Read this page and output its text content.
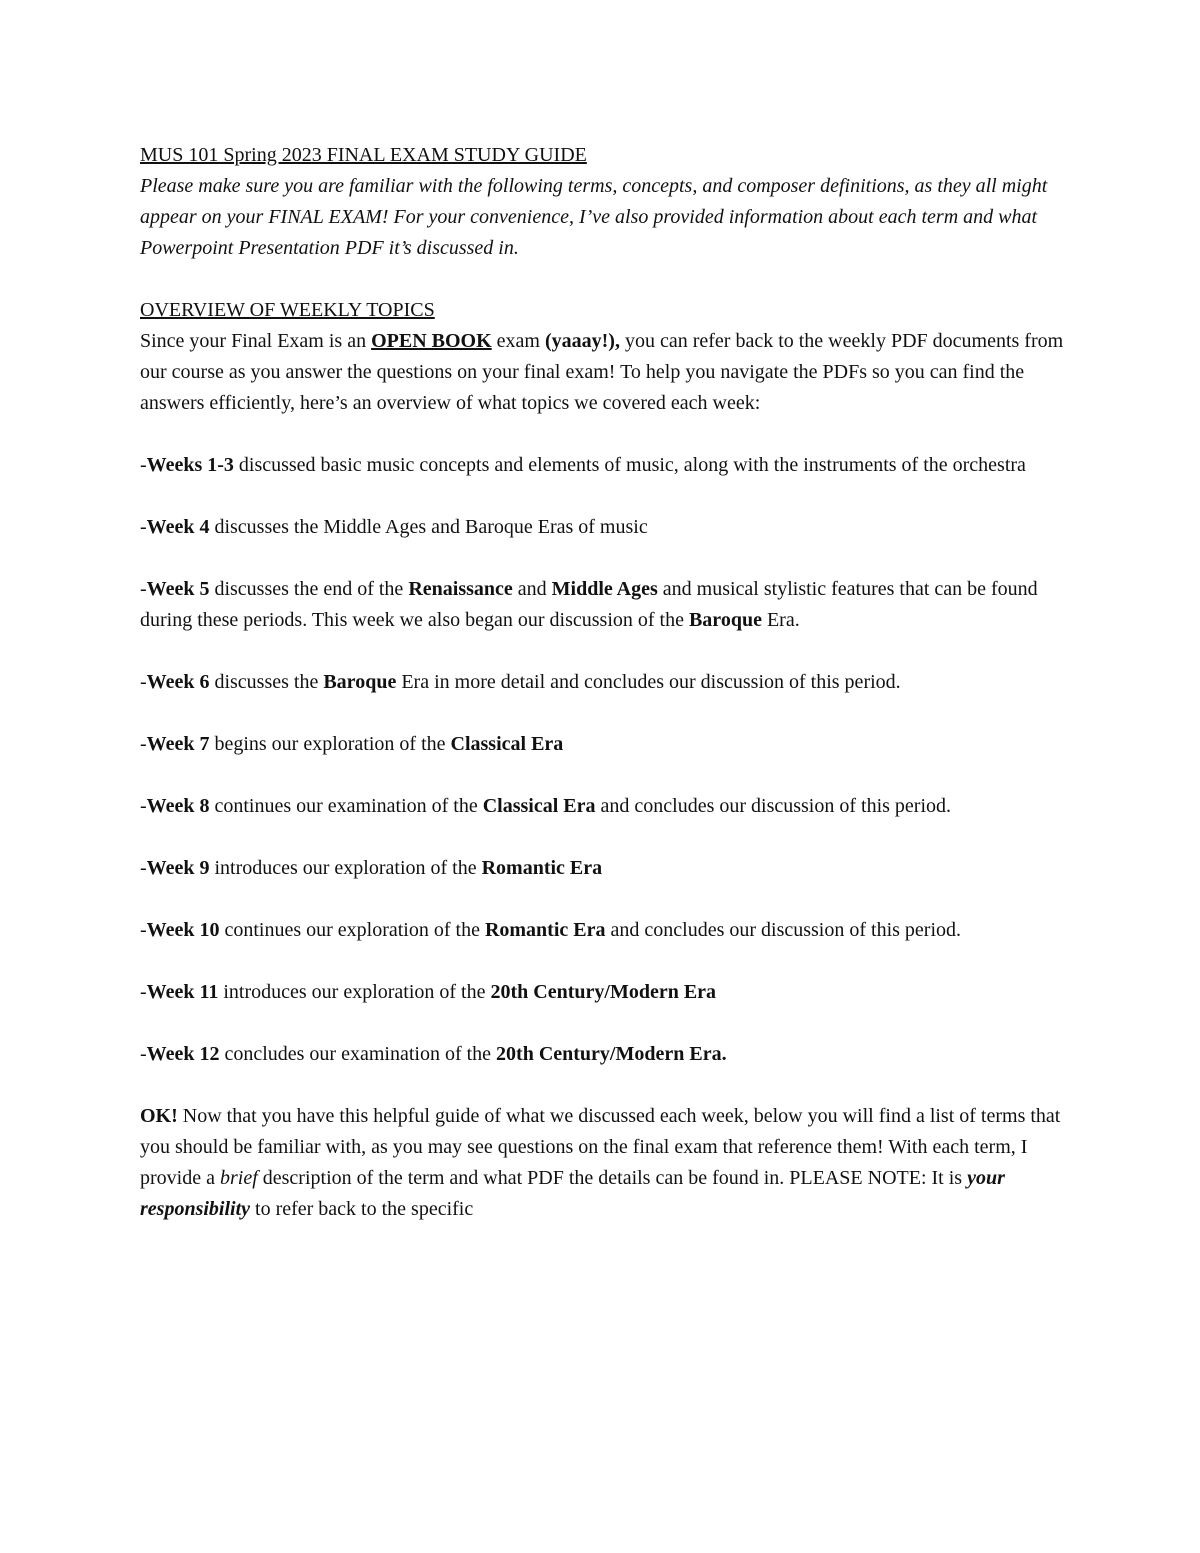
MUS 101 Spring 2023 FINAL EXAM STUDY GUIDE

Please make sure you are familiar with the following terms, concepts, and composer definitions, as they all might appear on your FINAL EXAM! For your convenience, I’ve also provided information about each term and what Powerpoint Presentation PDF it’s discussed in.

OVERVIEW OF WEEKLY TOPICS

Since your Final Exam is an OPEN BOOK exam (yaaay!), you can refer back to the weekly PDF documents from our course as you answer the questions on your final exam! To help you navigate the PDFs so you can find the answers efficiently, here’s an overview of what topics we covered each week:

-Weeks 1-3 discussed basic music concepts and elements of music, along with the instruments of the orchestra

-Week 4 discusses the Middle Ages and Baroque Eras of music

-Week 5 discusses the end of the Renaissance and Middle Ages and musical stylistic features that can be found during these periods. This week we also began our discussion of the Baroque Era.

-Week 6 discusses the Baroque Era in more detail and concludes our discussion of this period.

-Week 7 begins our exploration of the Classical Era

-Week 8 continues our examination of the Classical Era and concludes our discussion of this period.

-Week 9 introduces our exploration of the Romantic Era

-Week 10 continues our exploration of the Romantic Era and concludes our discussion of this period.

-Week 11 introduces our exploration of the 20th Century/Modern Era

-Week 12 concludes our examination of the 20th Century/Modern Era.

OK! Now that you have this helpful guide of what we discussed each week, below you will find a list of terms that you should be familiar with, as you may see questions on the final exam that reference them! With each term, I provide a brief description of the term and what PDF the details can be found in. PLEASE NOTE: It is your responsibility to refer back to the specific
